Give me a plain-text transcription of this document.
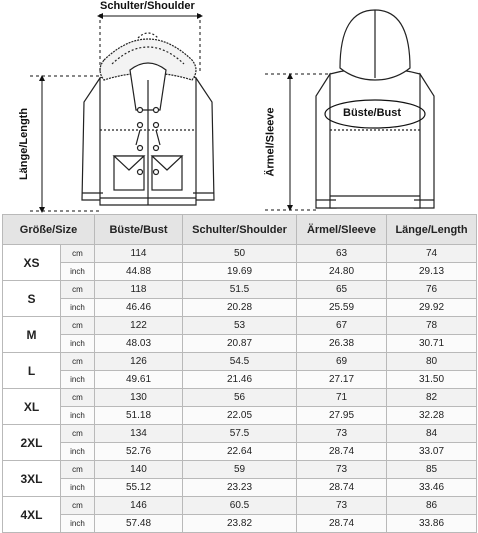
Schulter/Shoulder
Länge/Length	Büste/Bust
Ärmel/Sleeve
Größe/Size		Büste/Bust	Schulter/Shoulder	Ärmel/Sleeve	Länge/Length
XS	cm	114	50	63	74
	inch	44.88	19.69	24.80	29.13
S	cm	118	51.5	65	76
	inch	46.46	20.28	25.59	29.92
M	cm	122	53	67	78
	inch	48.03	20.87	26.38	30.71
L	cm	126	54.5	69	80
	inch	49.61	21.46	27.17	31.50
XL	cm	130	56	71	82
	inch	51.18	22.05	27.95	32.28
2XL	cm	134	57.5	73	84
	inch	52.76	22.64	28.74	33.07
3XL	cm	140	59	73	85
	inch	55.12	23.23	28.74	33.46
4XL	cm	146	60.5	73	86
	inch	57.48	23.82	28.74	33.86
